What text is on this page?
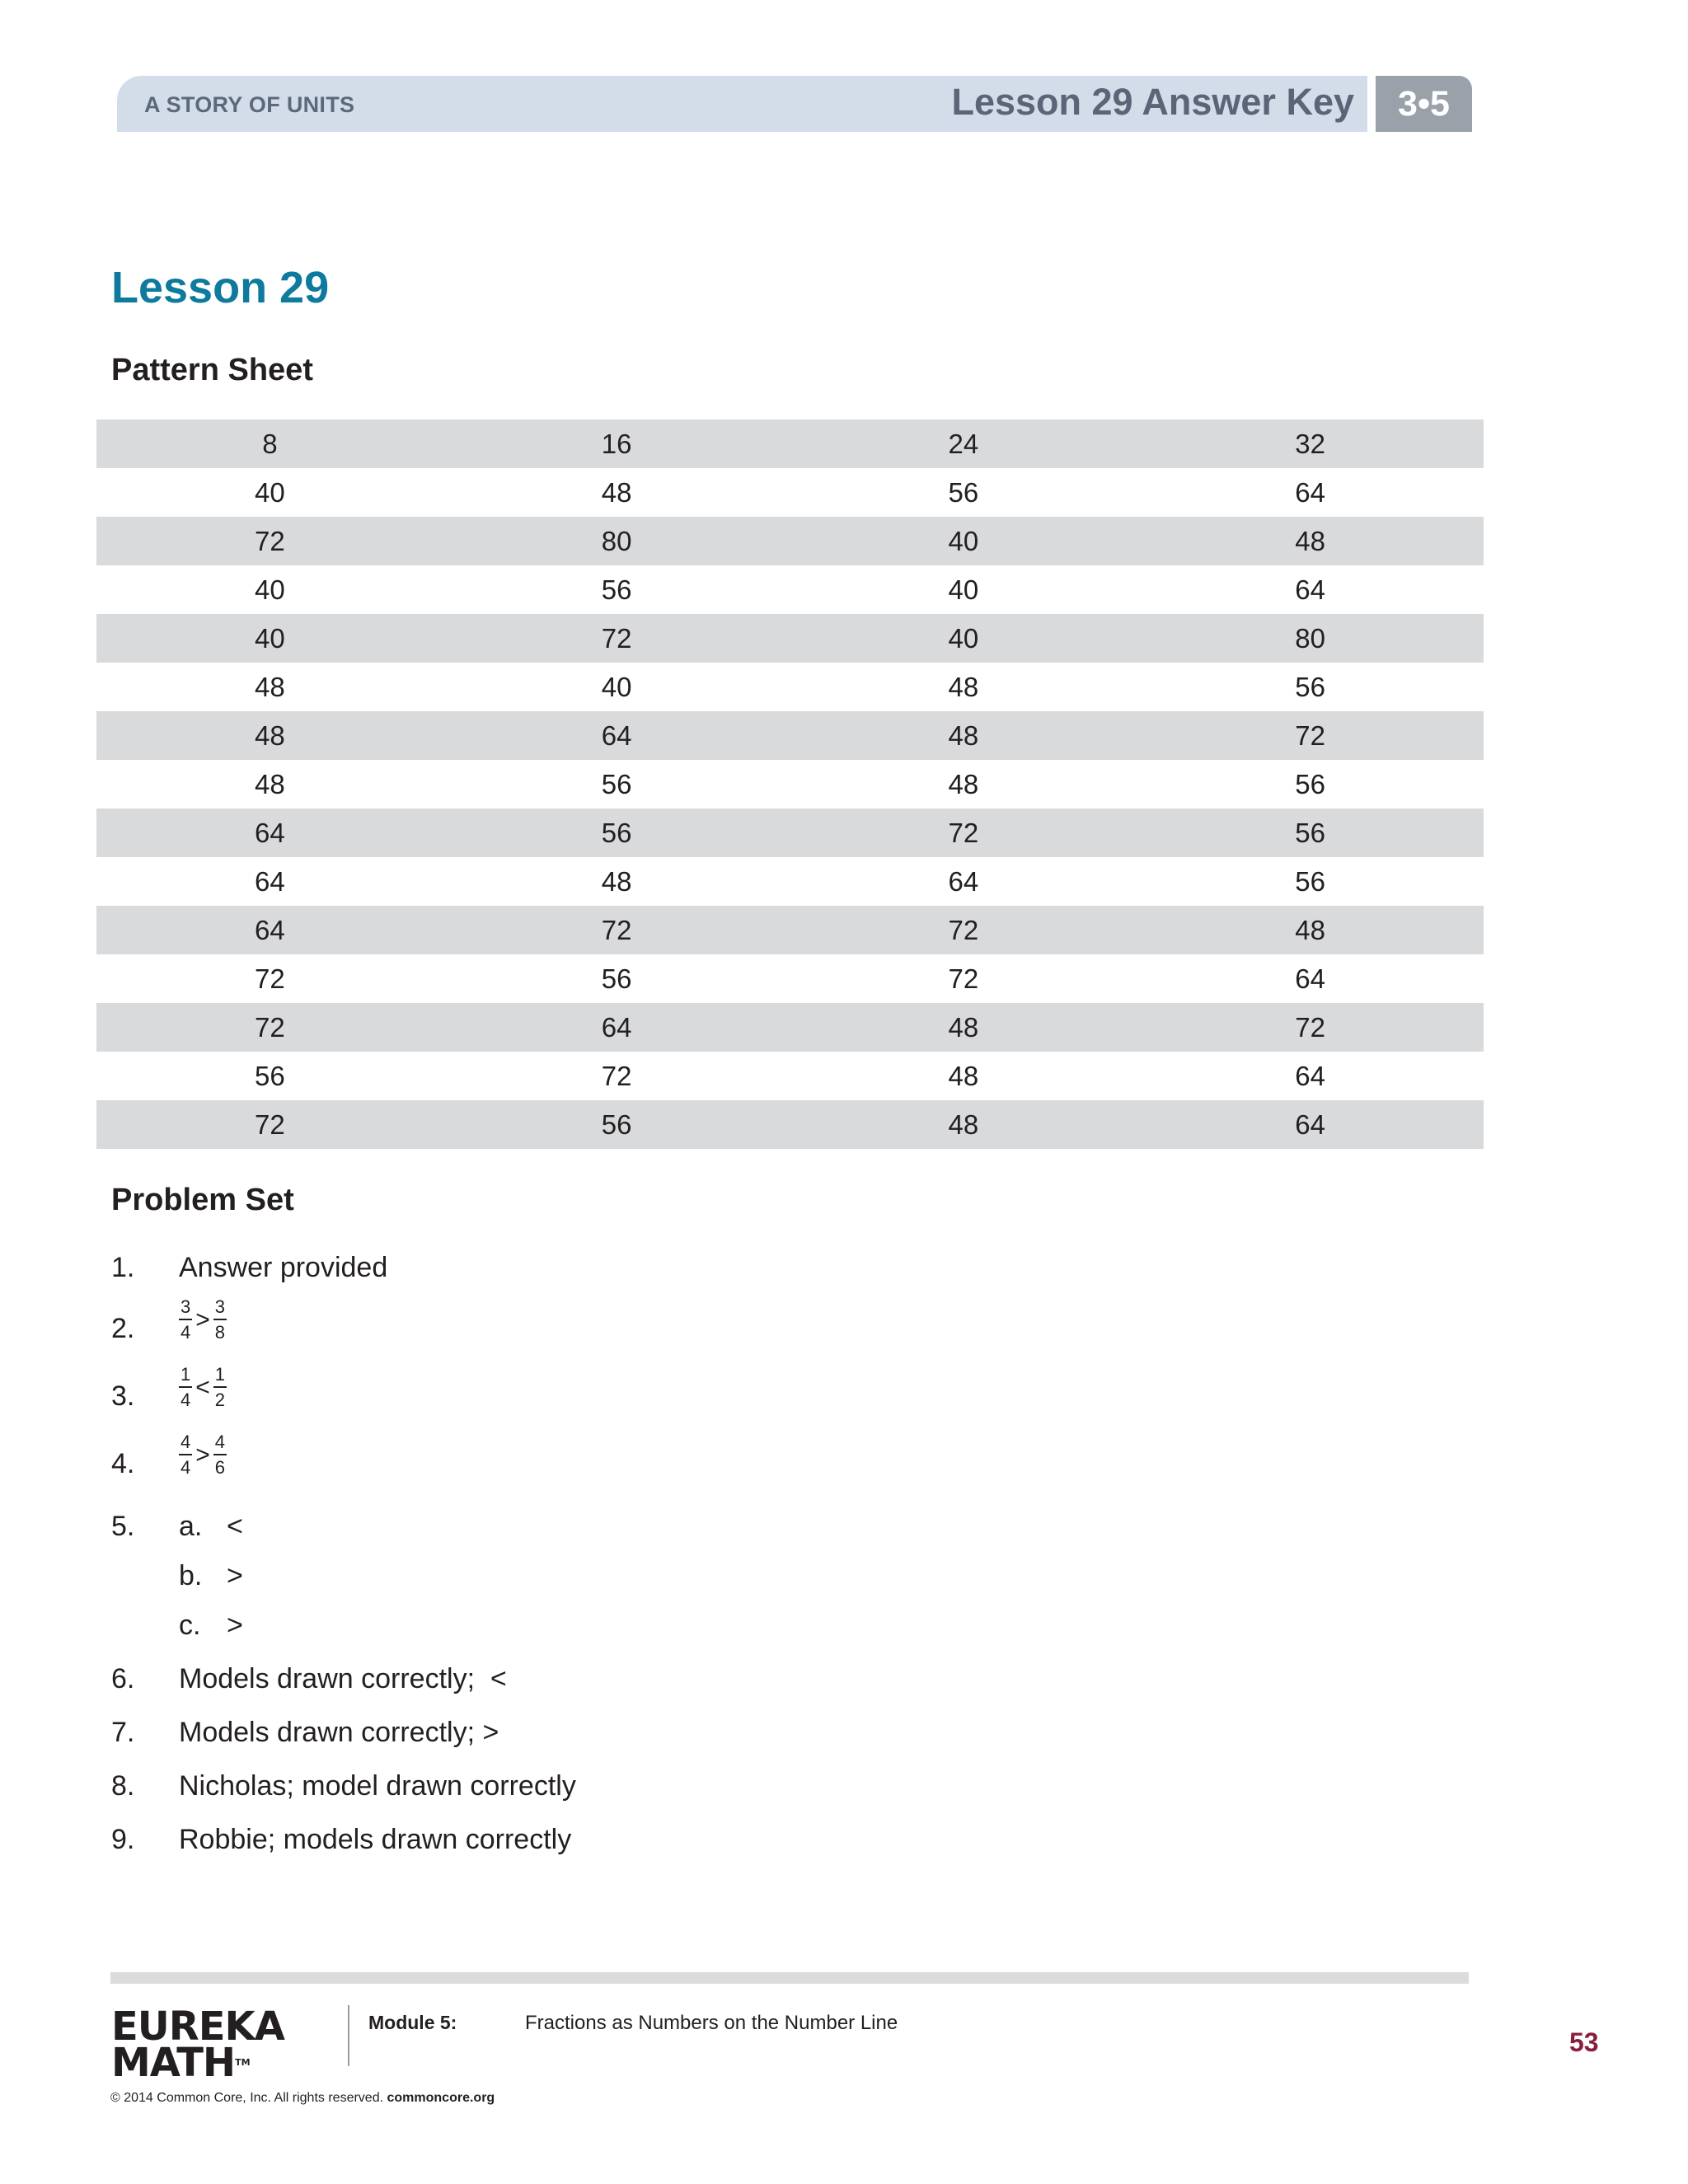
A STORY OF UNITS	Lesson 29 Answer Key	3•5
Lesson 29
Pattern Sheet
8	16	24	32
40	48	56	64
72	80	40	48
40	56	40	64
40	72	40	80
48	40	48	56
48	64	48	72
48	56	48	56
64	56	72	56
64	48	64	56
64	72	72	48
72	56	72	64
72	64	48	72
56	72	48	64
72	56	48	64
Problem Set
1. Answer provided
2. $\frac{3}{4} > \frac{3}{8}$
3. $\frac{1}{4} < \frac{1}{2}$
4. $\frac{4}{4} > \frac{4}{6}$
5. a. <
b. >
c. >
6. Models drawn correctly;  <
7. Models drawn correctly; >
8. Nicholas; model drawn correctly
9. Robbie; models drawn correctly
EUREKA
MATH™
Module 5:	Fractions as Numbers on the Number Line
53
© 2014 Common Core, Inc. All rights reserved. commoncore.org
